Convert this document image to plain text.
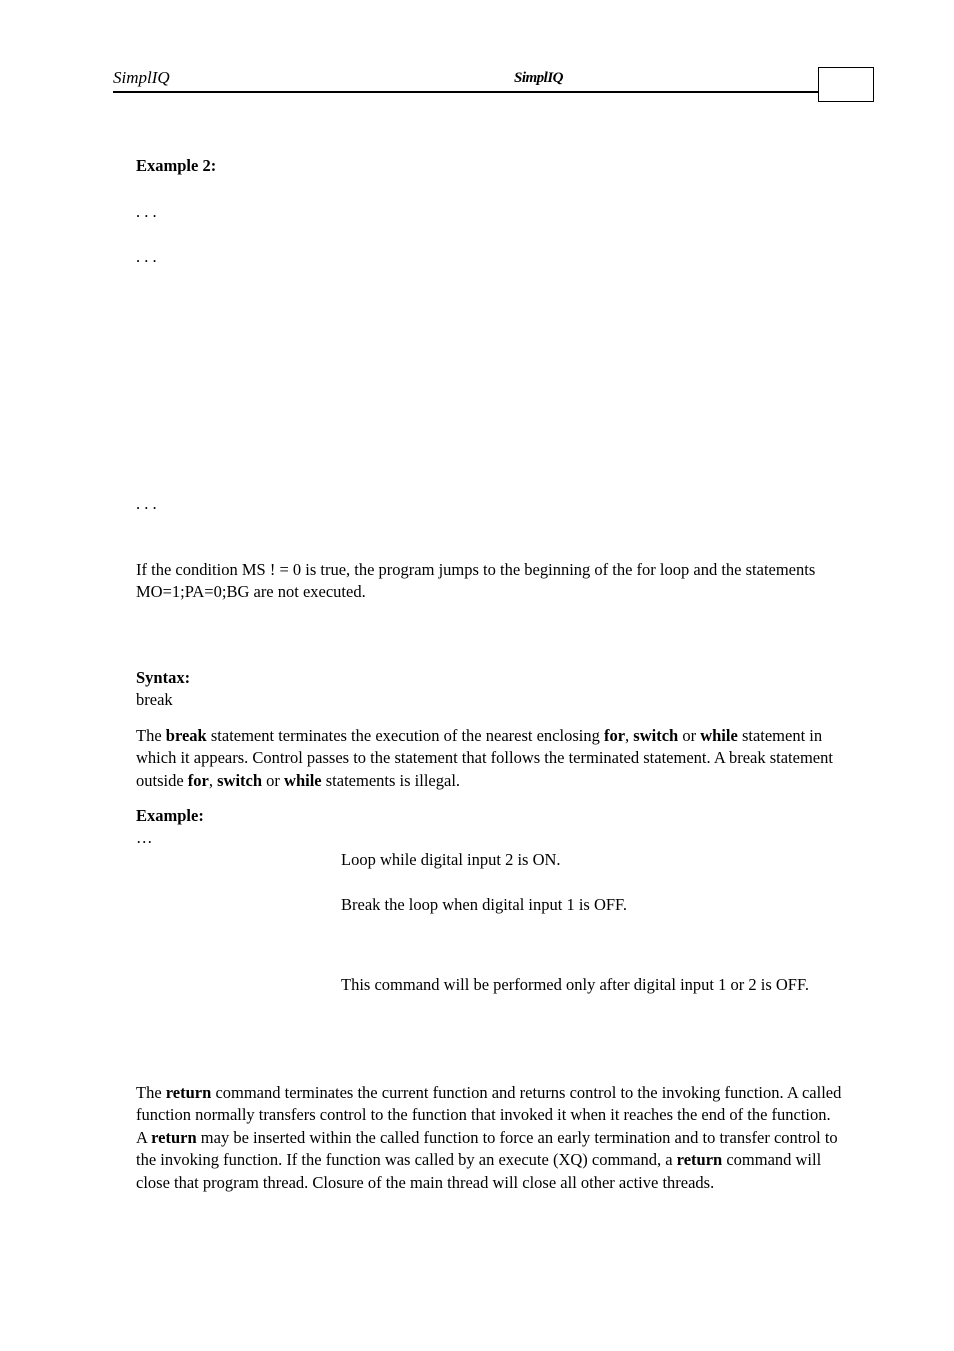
SimplIQ	SimplIQ
Example 2:
. . .
. . .
. . .
If the condition MS ! = 0 is true, the program jumps to the beginning of the for loop and the statements MO=1;PA=0;BG are not executed.
Syntax:
break
The break statement terminates the execution of the nearest enclosing for, switch or while statement in which it appears. Control passes to the statement that follows the terminated statement. A break statement outside for, switch or while statements is illegal.
Example:
…
Loop while digital input 2 is ON.
Break the loop when digital input 1 is OFF.
This command will be performed only after digital input 1 or 2 is OFF.
The return command terminates the current function and returns control to the invoking function. A called function normally transfers control to the function that invoked it when it reaches the end of the function. A return may be inserted within the called function to force an early termination and to transfer control to the invoking function. If the function was called by an execute (XQ) command, a return command will close that program thread. Closure of the main thread will close all other active threads.
